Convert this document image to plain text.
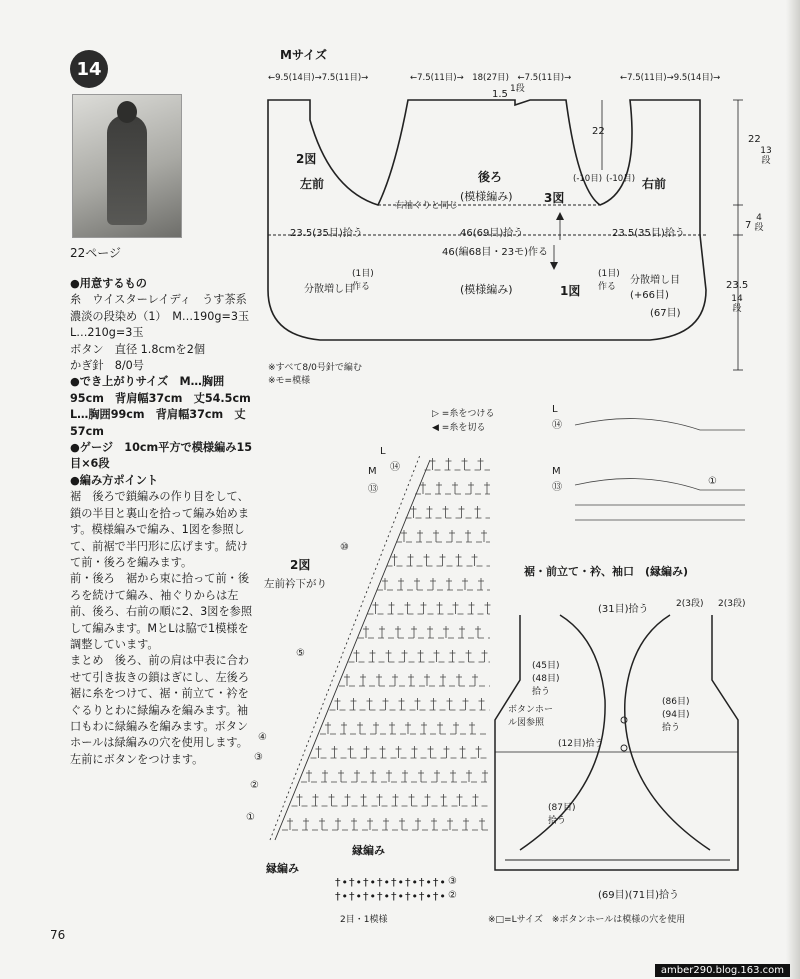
14
22ページ

●用意するもの

糸　ウイスターレイディ　うす茶系濃淡の段染め（1）　M…190g=3玉　L…210g=3玉

ボタン　直径 1.8cmを2個

かぎ針　8/0号

●でき上がりサイズ　M…胸囲95cm　背肩幅37cm　丈54.5cm　L…胸囲99cm　背肩幅37cm　丈57cm

●ゲージ　10cm平方で模様編み15目×6段

●編み方ポイント

裾　後ろで鎖編みの作り目をして、鎖の半目と裏山を拾って編み始めます。模様編みで編み、1図を参照して、前裾で半円形に広げます。続けて前・後ろを編みます。

前・後ろ　裾から束に拾って前・後ろを続けて編み、袖ぐりからは左前、後ろ、右前の順に2、3図を参照して編みます。MとLは脇で1模様を調整しています。

まとめ　後ろ、前の肩は中表に合わせて引き抜きの鎖はぎにし、左後ろ裾に糸をつけて、裾・前立て・衿をぐるりとわに緑編みを編みます。袖口もわに緑編みを編みます。ボタンホールは緑編みの穴を使用します。左前にボタンをつけます。

76
Mサイズ
←9.5(14目)→7.5(11目)→	←7.5(11目)→　18(27目)　←7.5(11目)→	←7.5(11目)→9.5(14目)→
1.5 1段
2図
左前	後ろ
(模様編み)	3図
右前
右袖ぐりと同じ
(-10目) (-10目)
22
22
13段
7
4段
23.5
14段
23.5(35目)拾う	46(69目)拾う	23.5(35目)拾う
46(編68目・23モ)作る
分散増し目
(1目)作る
(1目)作る
分散増し目(+66目)
(67目)
(模様編み)	1図
※すべて8/0号針で編む
※モ=模様
▷ =糸をつける
◀ =糸を切る
2図
左前衿下がり
縁編み
L
M
①
②
③
④
⑤
⑩
⑬
⑭
L
⑭
M
⑬
①
縁編み
†•†•†•†•†•†•†•†•
†•†•†•†•†•†•†•†•
③
②
2目・1模様
裾・前立て・衿、袖口　(縁編み)
(31目)拾う	2(3段) 2(3段)
(45目)(48目)拾う
(86目)(94目)拾う
ボタンホール図参照
(12目)拾う
(87目)拾う
(69目)(71目)拾う
※□=Lサイズ　※ボタンホールは模様の穴を使用
amber290.blog.163.com
